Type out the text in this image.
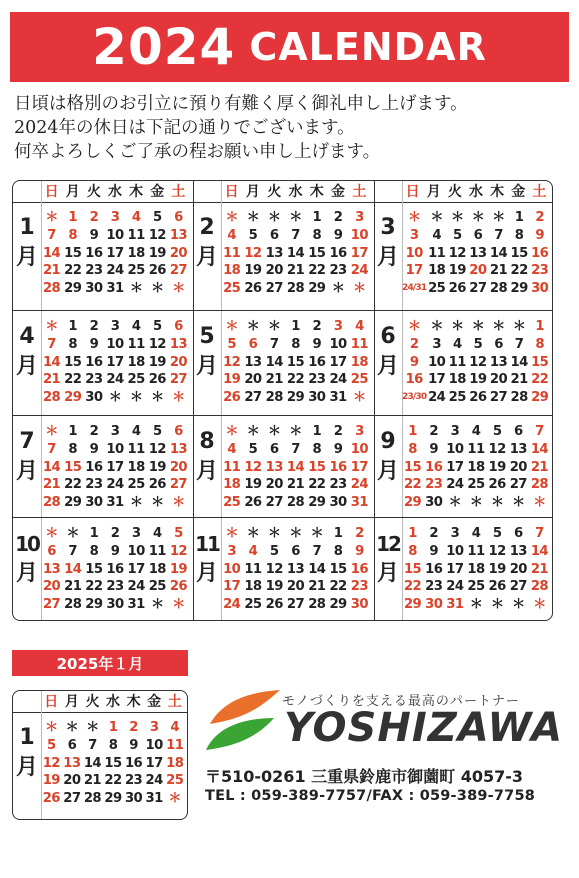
2024 CALENDAR
日頃は格別のお引立に預り有難く厚く御礼申し上げます。
2024年の休日は下記の通りでございます。
何卒よろしくご了承の程お願い申し上げます。
日 月 火 水 木 金 土	日 月 火 水 木 金 土	日 月 火 水 木 金 土
1
月
＊ 1 2 3 4 5 6
7 8 9 10 11 12 13
14 15 16 17 18 19 20
21 22 23 24 25 26 27
28 29 30 31 ＊ ＊ ＊
2
月
＊ ＊ ＊ ＊ 1 2 3
4 5 6 7 8 9 10
11 12 13 14 15 16 17
18 19 20 21 22 23 24
25 26 27 28 29 ＊ ＊
3
月
＊ ＊ ＊ ＊ ＊ 1 2
3	4 5 6 7 8 9
10 11 12 13 14 15 16
17 18 19 20 21 22 23
24/31 25 26 27 28 29 30
4
月
＊ 1 2 3 4 5 6
7 8 9 10 11 12 13
14 15 16 17 18 19 20
21 22 23 24 25 26 27
28 29 30 ＊ ＊ ＊ ＊
5
月
＊ ＊ ＊ 1 2 3 4
5 6 7 8 9 10 11
12 13 14 15 16 17 18
19 20 21 22 23 24 25
26 27 28 29 30 31 ＊
6
月
＊ ＊ ＊ ＊ ＊ ＊ 1
2	3 4 5 6 7 8
9 10 11 12 13 14 15
16 17 18 19 20 21 22
23/30 24 25 26 27 28 29
7
月
＊ 1 2 3 4 5 6
7 8 9 10 11 12 13
14 15 16 17 18 19 20
21 22 23 24 25 26 27
28 29 30 31 ＊ ＊ ＊
8
月
＊ ＊ ＊ ＊ 1 2 3
4 5 6 7 8 9 10
11 12 13 14 15 16 17
18 19 20 21 22 23 24
25 26 27 28 29 30 31
9
月
1 2 3 4 5 6 7
8 9 10 11 12 13 14
15 16 17 18 19 20 21
22 23 24 25 26 27 28
29 30 ＊ ＊ ＊ ＊ ＊
10
月
＊ ＊ 1 2 3 4 5
6 7 8 9 10 11 12
13 14 15 16 17 18 19
20 21 22 23 24 25 26
27 28 29 30 31 ＊ ＊
11
月
＊ ＊ ＊ ＊ ＊ 1 2
3 4 5 6 7 8 9
10 11 12 13 14 15 16
17 18 19 20 21 22 23
24 25 26 27 28 29 30
12
月
1 2 3 4 5 6 7
8 9 10 11 12 13 14
15 16 17 18 19 20 21
22 23 24 25 26 27 28
29 30 31 ＊ ＊ ＊ ＊
2025年１月
日 月 火 水 木 金 土
1
月
＊ ＊ ＊ 1 2 3 4
5 6 7 8 9 10 11
12 13 14 15 16 17 18
19 20 21 22 23 24 25
26 27 28 29 30 31 ＊
モノづくりを支える最高のパートナー
YOSHIZAWA
〒510-0261 三重県鈴鹿市御薗町 4057-3
TEL : 059-389-7757/FAX : 059-389-7758
